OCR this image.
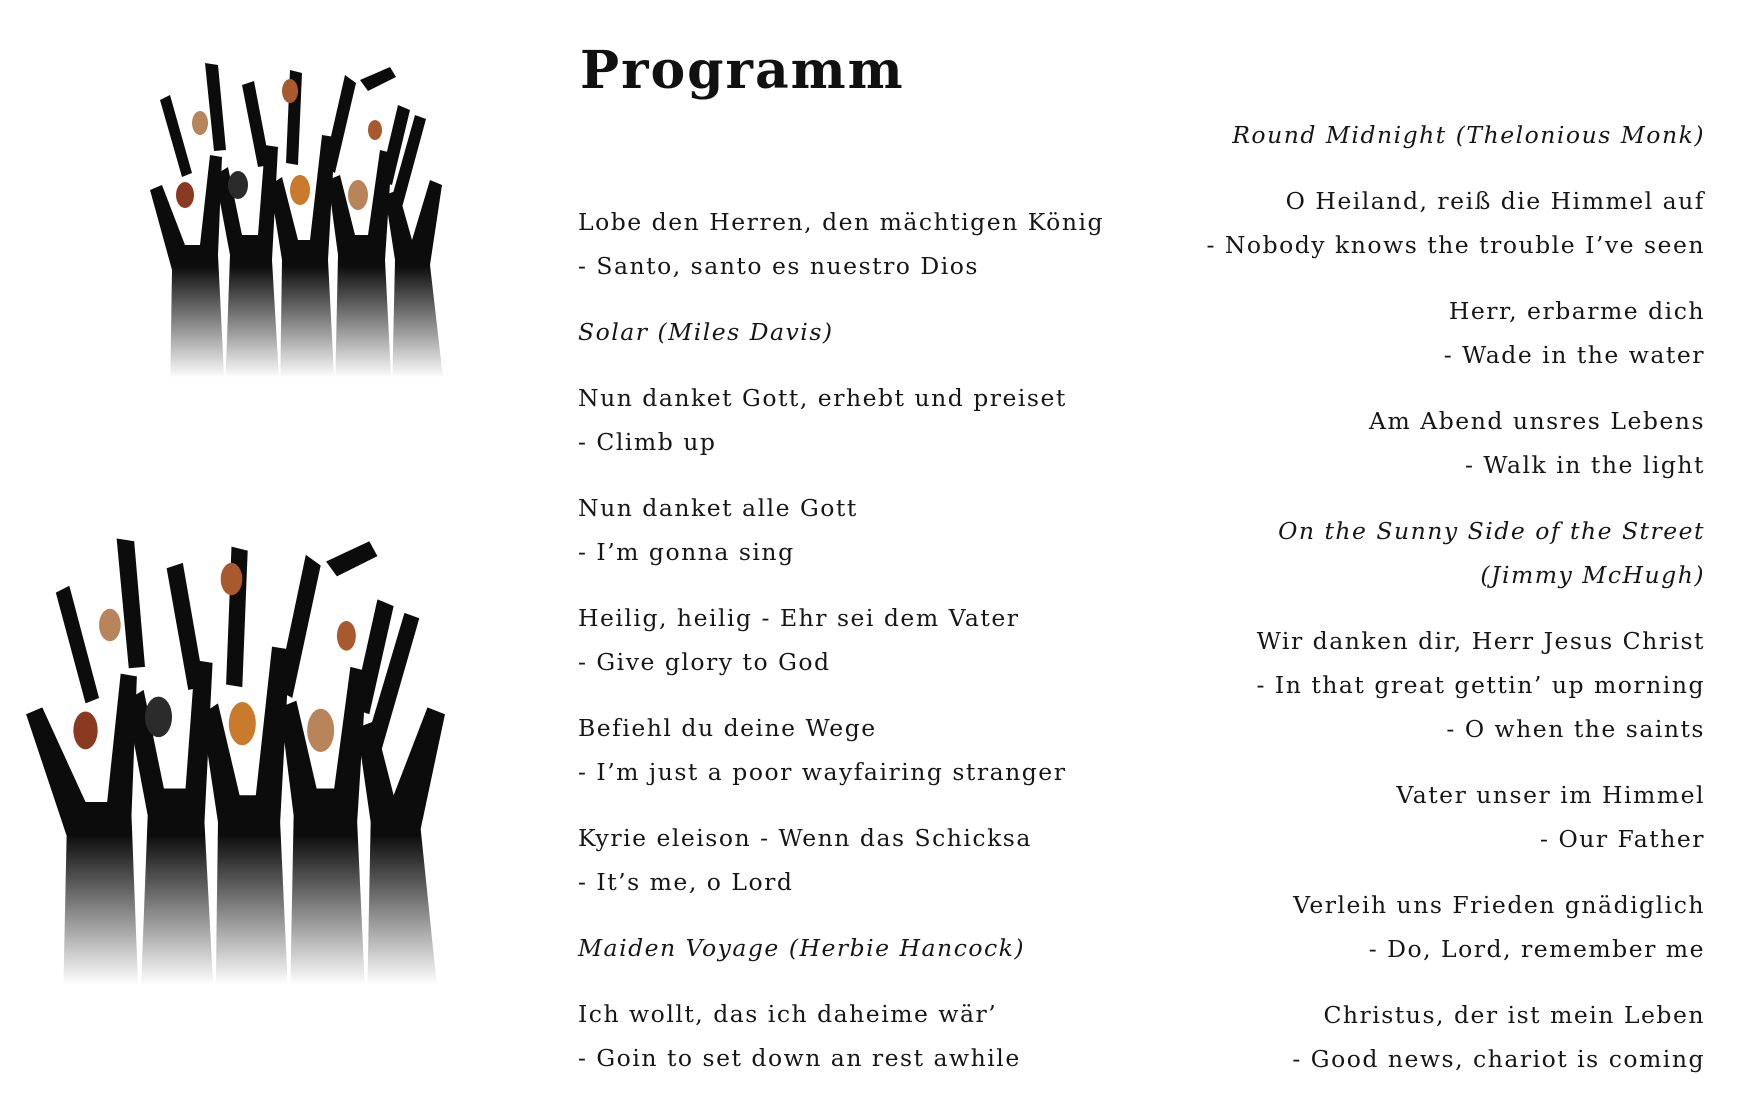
Programm
Lobe den Herren, den mächtigen König
- Santo, santo es nuestro Dios
Solar (Miles Davis)
Nun danket Gott, erhebt und preiset
- Climb up
Nun danket alle Gott
- I’m gonna sing
Heilig, heilig - Ehr sei dem Vater
- Give glory to God
Befiehl du deine Wege
- I’m just a poor wayfairing stranger
Kyrie eleison - Wenn das Schicksa
- It’s me, o Lord
Maiden Voyage (Herbie Hancock)
Ich wollt, das ich daheime wär’
- Goin to set down an rest awhile
Round Midnight (Thelonious Monk)
O Heiland, reiß die Himmel auf
- Nobody knows the trouble I’ve seen
Herr, erbarme dich
- Wade in the water
Am Abend unsres Lebens
- Walk in the light
On the Sunny Side of the Street
(Jimmy McHugh)
Wir danken dir, Herr Jesus Christ
- In that great gettin’ up morning
- O when the saints
Vater unser im Himmel
- Our Father
Verleih uns Frieden gnädiglich
- Do, Lord, remember me
Christus, der ist mein Leben
- Good news, chariot is coming
